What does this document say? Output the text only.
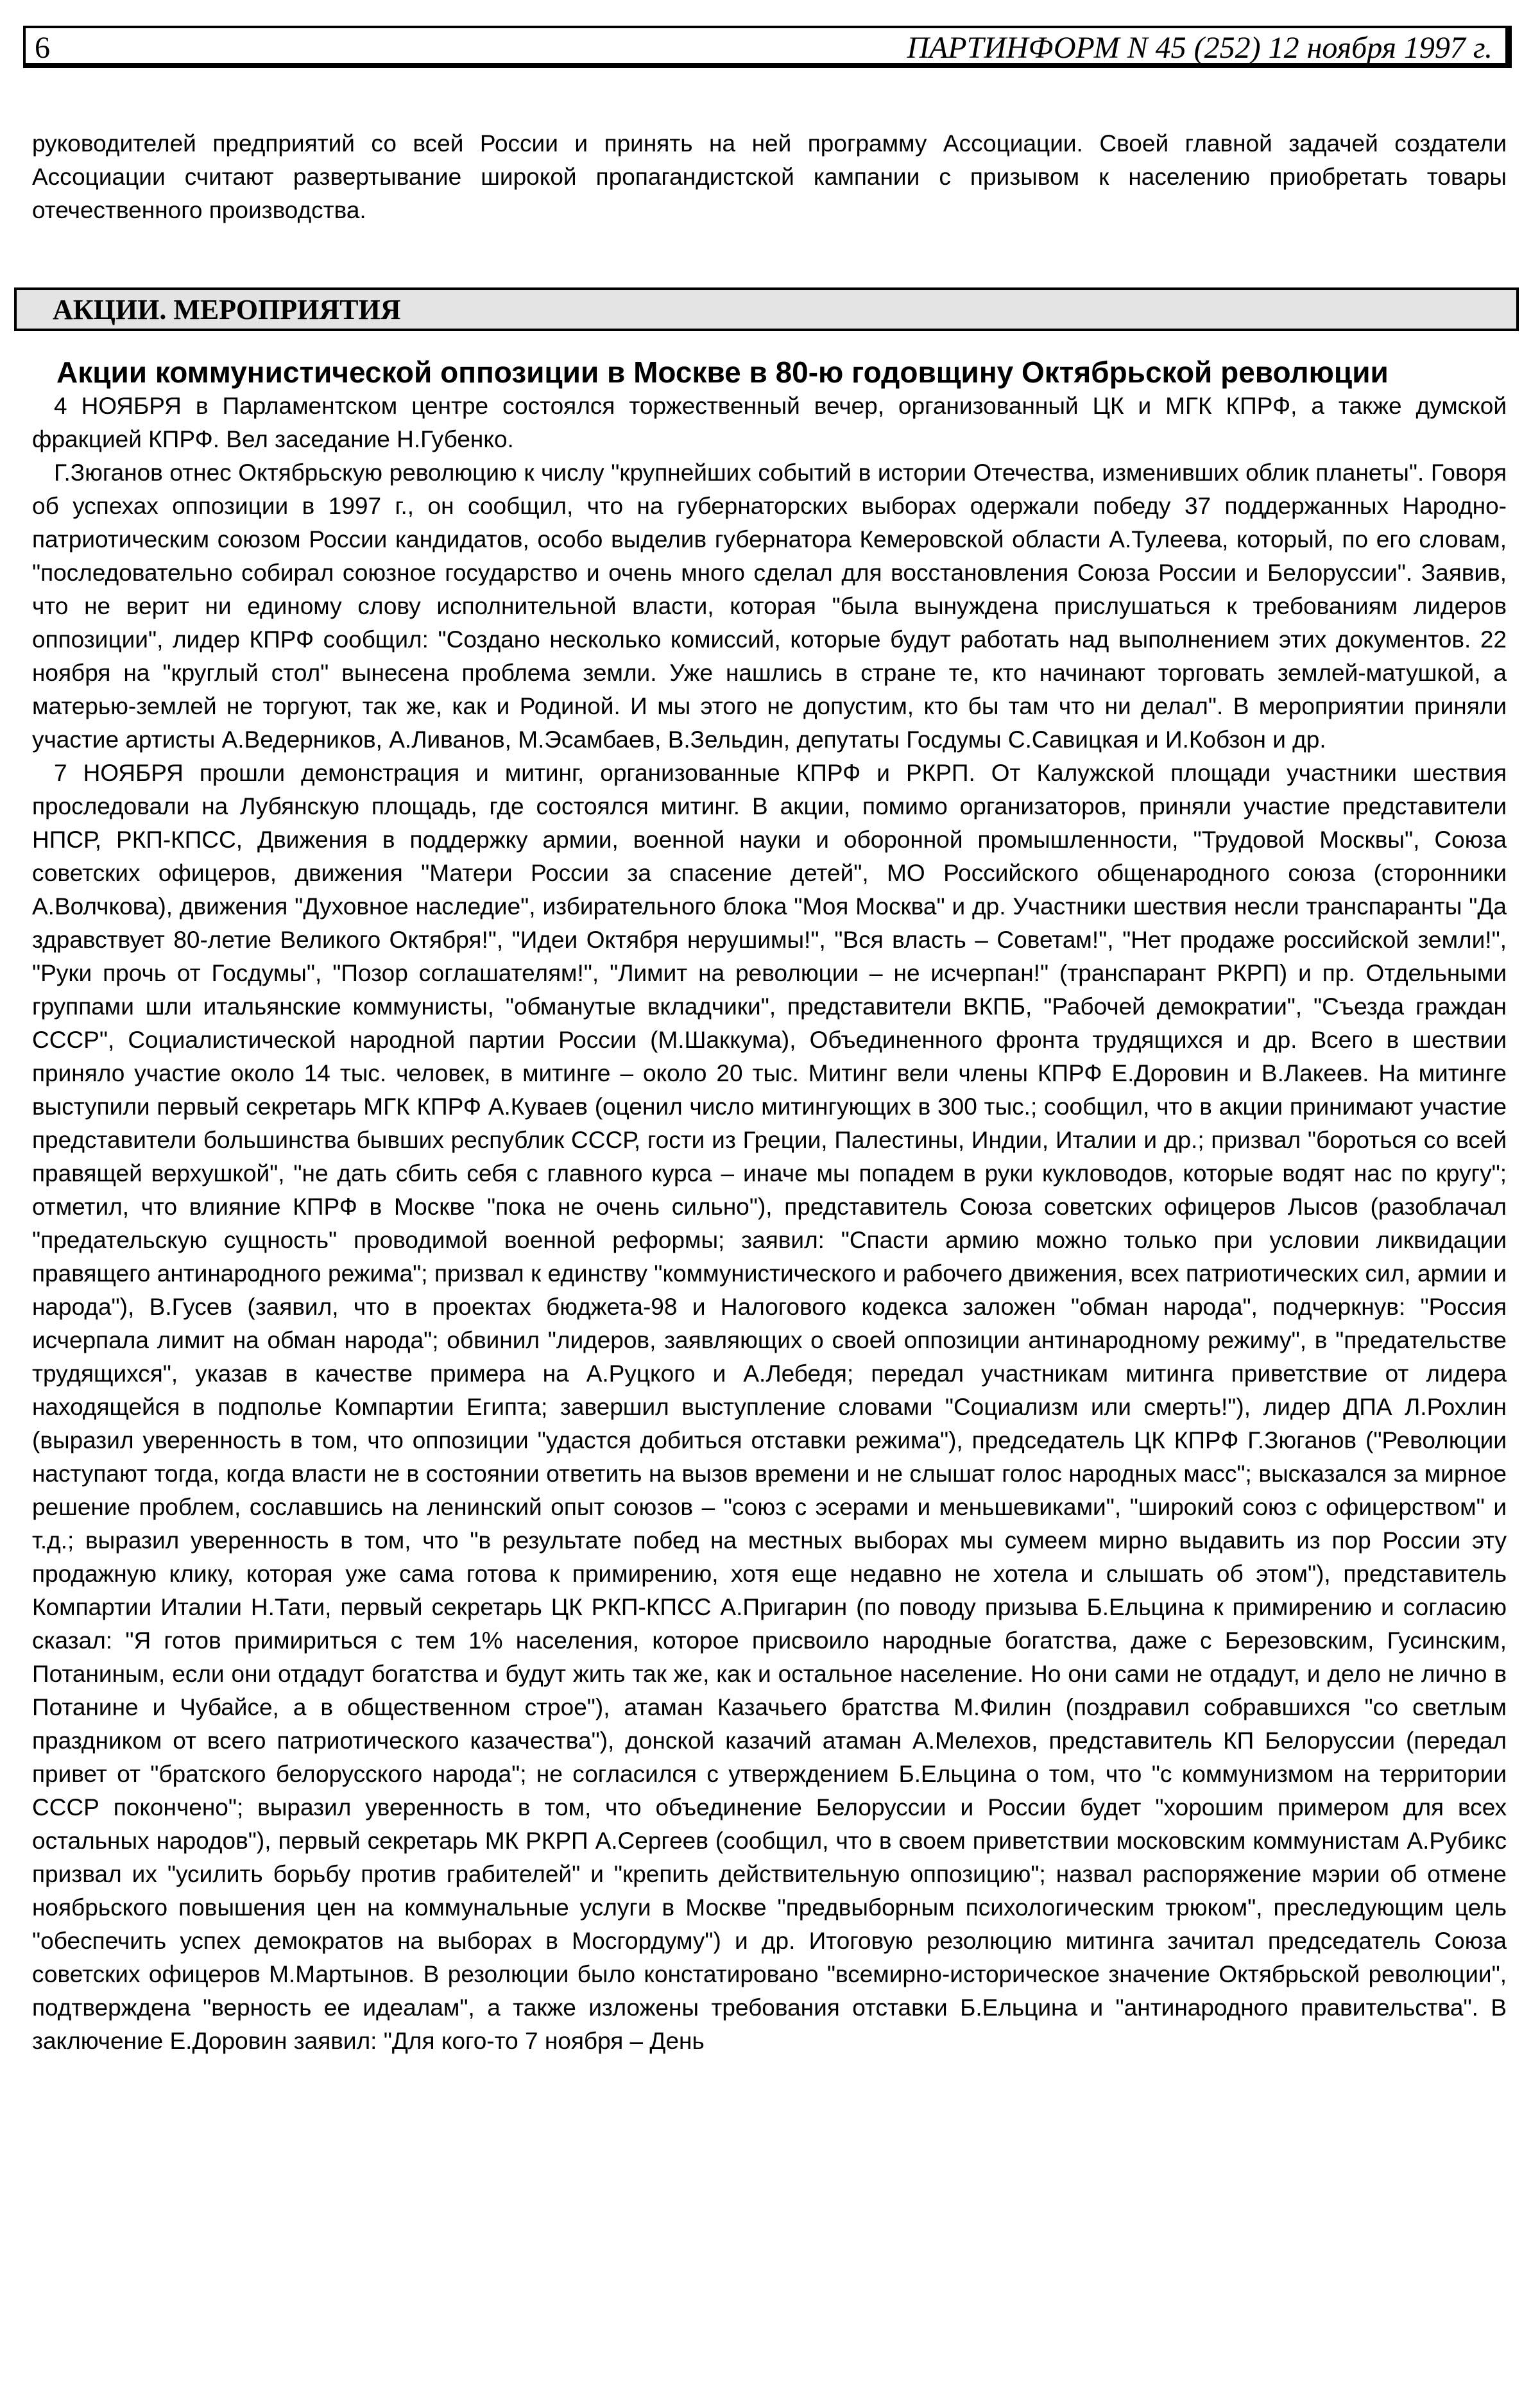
6	ПАРТИНФОРМ N 45 (252) 12 ноября 1997 г.

руководителей предприятий со всей России и принять на ней программу Ассоциации. Своей главной задачей создатели Ассоциации считают развертывание широкой пропагандистской кампании с призывом к населению приобретать товары отечественного производства.

АКЦИИ. МЕРОПРИЯТИЯ
Акции коммунистической оппозиции в Москве в 80-ю годовщину Октябрьской революции

4 НОЯБРЯ в Парламентском центре состоялся торжественный вечер, организованный ЦК и МГК КПРФ, а также думской фракцией КПРФ. Вел заседание Н.Губенко.

Г.Зюганов отнес Октябрьскую революцию к числу "крупнейших событий в истории Отечества, изменивших облик планеты". Говоря об успехах оппозиции в 1997 г., он сообщил, что на губернаторских выборах одержали победу 37 поддержанных Народно-патриотическим союзом России кандидатов, особо выделив губернатора Кемеровской области А.Тулеева, который, по его словам, "последовательно собирал союзное государство и очень много сделал для восстановления Союза России и Белоруссии". Заявив, что не верит ни единому слову исполнительной власти, которая "была вынуждена прислушаться к требованиям лидеров оппозиции", лидер КПРФ сообщил: "Создано несколько комиссий, которые будут работать над выполнением этих документов. 22 ноября на "круглый стол" вынесена проблема земли. Уже нашлись в стране те, кто начинают торговать землей-матушкой, а матерью-землей не торгуют, так же, как и Родиной. И мы этого не допустим, кто бы там что ни делал". В мероприятии приняли участие артисты А.Ведерников, А.Ливанов, М.Эсамбаев, В.Зельдин, депутаты Госдумы С.Савицкая и И.Кобзон и др.

7 НОЯБРЯ прошли демонстрация и митинг, организованные КПРФ и РКРП. От Калужской площади участники шествия проследовали на Лубянскую площадь, где состоялся митинг. В акции, помимо организаторов, приняли участие представители НПСР, РКП-КПСС, Движения в поддержку армии, военной науки и оборонной промышленности, "Трудовой Москвы", Союза советских офицеров, движения "Матери России за спасение детей", МО Российского общенародного союза (сторонники А.Волчкова), движения "Духовное наследие", избирательного блока "Моя Москва" и др. Участники шествия несли транспаранты "Да здравствует 80-летие Великого Октября!", "Идеи Октября нерушимы!", "Вся власть – Советам!", "Нет продаже российской земли!", "Руки прочь от Госдумы", "Позор соглашателям!", "Лимит на революции – не исчерпан!" (транспарант РКРП) и пр. Отдельными группами шли итальянские коммунисты, "обманутые вкладчики", представители ВКПБ, "Рабочей демократии", "Съезда граждан СССР", Социалистической народной партии России (М.Шаккума), Объединенного фронта трудящихся и др. Всего в шествии приняло участие около 14 тыс. человек, в митинге – около 20 тыс. Митинг вели члены КПРФ Е.Доровин и В.Лакеев. На митинге выступили первый секретарь МГК КПРФ А.Куваев (оценил число митингующих в 300 тыс.; сообщил, что в акции принимают участие представители большинства бывших республик СССР, гости из Греции, Палестины, Индии, Италии и др.; призвал "бороться со всей правящей верхушкой", "не дать сбить себя с главного курса – иначе мы попадем в руки кукловодов, которые водят нас по кругу"; отметил, что влияние КПРФ в Москве "пока не очень сильно"), представитель Союза советских офицеров Лысов (разоблачал "предательскую сущность" проводимой военной реформы; заявил: "Спасти армию можно только при условии ликвидации правящего антинародного режима"; призвал к единству "коммунистического и рабочего движения, всех патриотических сил, армии и народа"), В.Гусев (заявил, что в проектах бюджета-98 и Налогового кодекса заложен "обман народа", подчеркнув: "Россия исчерпала лимит на обман народа"; обвинил "лидеров, заявляющих о своей оппозиции антинародному режиму", в "предательстве трудящихся", указав в качестве примера на А.Руцкого и А.Лебедя; передал участникам митинга приветствие от лидера находящейся в подполье Компартии Египта; завершил выступление словами "Социализм или смерть!"), лидер ДПА Л.Рохлин (выразил уверенность в том, что оппозиции "удастся добиться отставки режима"), председатель ЦК КПРФ Г.Зюганов ("Революции наступают тогда, когда власти не в состоянии ответить на вызов времени и не слышат голос народных масс"; высказался за мирное решение проблем, сославшись на ленинский опыт союзов – "союз с эсерами и меньшевиками", "широкий союз с офицерством" и т.д.; выразил уверенность в том, что "в результате побед на местных выборах мы сумеем мирно выдавить из пор России эту продажную клику, которая уже сама готова к примирению, хотя еще недавно не хотела и слышать об этом"), представитель Компартии Италии Н.Тати, первый секретарь ЦК РКП-КПСС А.Пригарин (по поводу призыва Б.Ельцина к примирению и согласию сказал: "Я готов примириться с тем 1% населения, которое присвоило народные богатства, даже с Березовским, Гусинским, Потаниным, если они отдадут богатства и будут жить так же, как и остальное население. Но они сами не отдадут, и дело не лично в Потанине и Чубайсе, а в общественном строе"), атаман Казачьего братства М.Филин (поздравил собравшихся "со светлым праздником от всего патриотического казачества"), донской казачий атаман А.Мелехов, представитель КП Белоруссии (передал привет от "братского белорусского народа"; не согласился с утверждением Б.Ельцина о том, что "с коммунизмом на территории СССР покончено"; выразил уверенность в том, что объединение Белоруссии и России будет "хорошим примером для всех остальных народов"), первый секретарь МК РКРП А.Сергеев (сообщил, что в своем приветствии московским коммунистам А.Рубикс призвал их "усилить борьбу против грабителей" и "крепить действительную оппозицию"; назвал распоряжение мэрии об отмене ноябрьского повышения цен на коммунальные услуги в Москве "предвыборным психологическим трюком", преследующим цель "обеспечить успех демократов на выборах в Мосгордуму") и др. Итоговую резолюцию митинга зачитал председатель Союза советских офицеров М.Мартынов. В резолюции было констатировано "всемирно-историческое значение Октябрьской революции", подтверждена "верность ее идеалам", а также изложены требования отставки Б.Ельцина и "антинародного правительства". В заключение Е.Доровин заявил: "Для кого-то 7 ноября – День
